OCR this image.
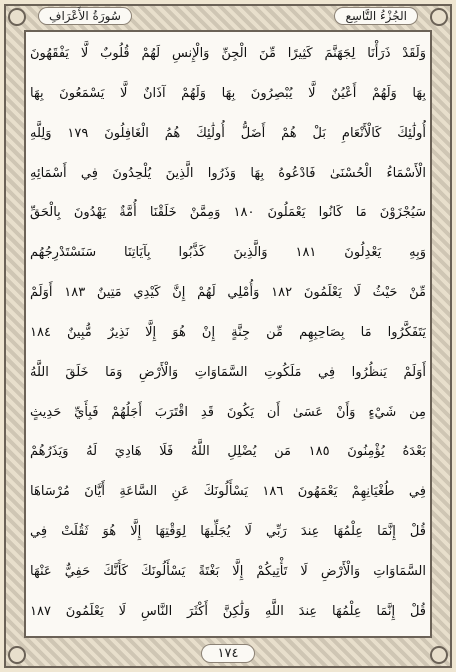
سُورَةُ الأَعْرَافِ	الجُزْءُ التَّاسِع
وَلَقَدْ ذَرَأْنَا لِجَهَنَّمَ كَثِيرًا مِّنَ الْجِنِّ وَالْإِنسِ لَهُمْ قُلُوبٌ لَّا يَفْقَهُونَ
بِهَا وَلَهُمْ أَعْيُنٌ لَّا يُبْصِرُونَ بِهَا وَلَهُمْ آذَانٌ لَّا يَسْمَعُونَ بِهَا
أُولَٰئِكَ كَالْأَنْعَامِ بَلْ هُمْ أَضَلُّ أُولَٰئِكَ هُمُ الْغَافِلُونَ ١٧٩ وَلِلَّهِ
الْأَسْمَاءُ الْحُسْنَىٰ فَادْعُوهُ بِهَا وَذَرُوا الَّذِينَ يُلْحِدُونَ فِي أَسْمَائِهِ
سَيُجْزَوْنَ مَا كَانُوا يَعْمَلُونَ ١٨٠ وَمِمَّنْ خَلَقْنَا أُمَّةٌ يَهْدُونَ بِالْحَقِّ
وَبِهِ يَعْدِلُونَ ١٨١ وَالَّذِينَ كَذَّبُوا بِآيَاتِنَا سَنَسْتَدْرِجُهُم
مِّنْ حَيْثُ لَا يَعْلَمُونَ ١٨٢ وَأُمْلِي لَهُمْ إِنَّ كَيْدِي مَتِينٌ ١٨٣ أَوَلَمْ
يَتَفَكَّرُوا مَا بِصَاحِبِهِم مِّن جِنَّةٍ إِنْ هُوَ إِلَّا نَذِيرٌ مُّبِينٌ ١٨٤
أَوَلَمْ يَنظُرُوا فِي مَلَكُوتِ السَّمَاوَاتِ وَالْأَرْضِ وَمَا خَلَقَ اللَّهُ
مِن شَيْءٍ وَأَنْ عَسَىٰ أَن يَكُونَ قَدِ اقْتَرَبَ أَجَلُهُمْ فَبِأَيِّ حَدِيثٍ
بَعْدَهُ يُؤْمِنُونَ ١٨٥ مَن يُضْلِلِ اللَّهُ فَلَا هَادِيَ لَهُ وَيَذَرُهُمْ
فِي طُغْيَانِهِمْ يَعْمَهُونَ ١٨٦ يَسْأَلُونَكَ عَنِ السَّاعَةِ أَيَّانَ مُرْسَاهَا
قُلْ إِنَّمَا عِلْمُهَا عِندَ رَبِّي لَا يُجَلِّيهَا لِوَقْتِهَا إِلَّا هُوَ ثَقُلَتْ فِي
السَّمَاوَاتِ وَالْأَرْضِ لَا تَأْتِيكُمْ إِلَّا بَغْتَةً يَسْأَلُونَكَ كَأَنَّكَ حَفِيٌّ عَنْهَا
قُلْ إِنَّمَا عِلْمُهَا عِندَ اللَّهِ وَلَٰكِنَّ أَكْثَرَ النَّاسِ لَا يَعْلَمُونَ ١٨٧
١٧٤
